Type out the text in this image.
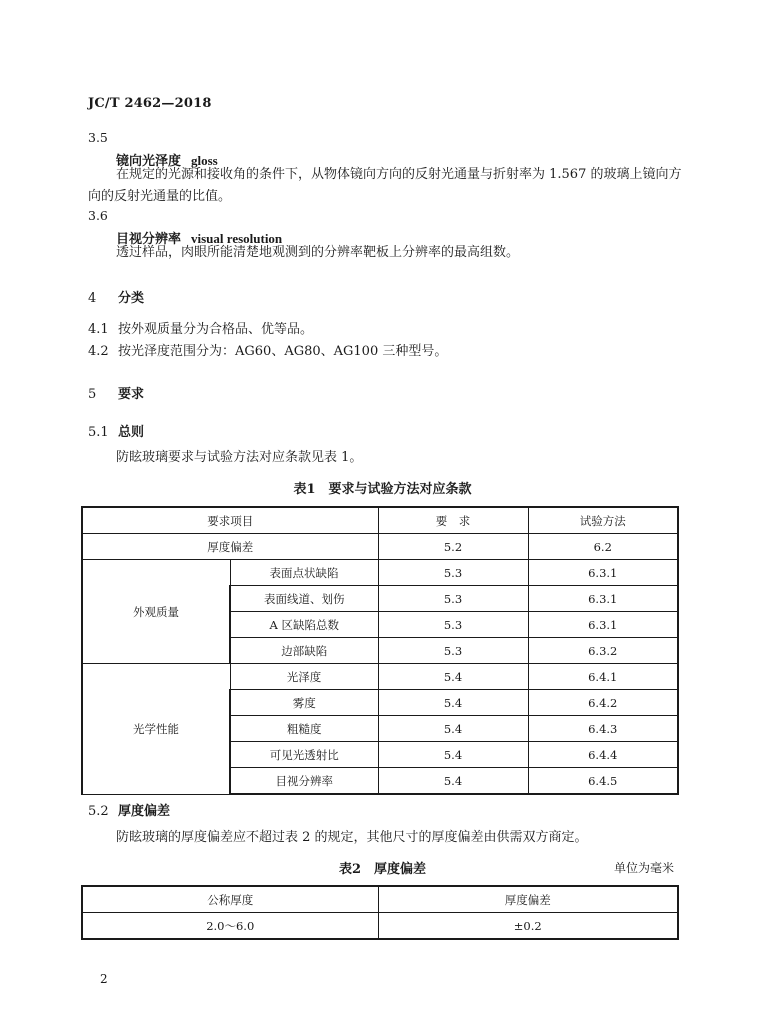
JC/T 2462—2018
3.5
镜向光泽度 gloss
在规定的光源和接收角的条件下，从物体镜向方向的反射光通量与折射率为 1.567 的玻璃上镜向方
向的反射光通量的比值。
3.6
目视分辨率 visual resolution
透过样品，肉眼所能清楚地观测到的分辨率靶板上分辨率的最高组数。
4 分类
4.1 按外观质量分为合格品、优等品。
4.2 按光泽度范围分为：AG60、AG80、AG100 三种型号。
5 要求
5.1 总则
防眩玻璃要求与试验方法对应条款见表 1。
表1　要求与试验方法对应条款
要求项目		要　求	试验方法
厚度偏差		5.2	6.2
外观质量	表面点状缺陷	5.3	6.3.1
	表面线道、划伤	5.3	6.3.1
	A 区缺陷总数	5.3	6.3.1
	边部缺陷	5.3	6.3.2
光学性能	光泽度	5.4	6.4.1
	雾度	5.4	6.4.2
	粗糙度	5.4	6.4.3
	可见光透射比	5.4	6.4.4
	目视分辨率	5.4	6.4.5
5.2 厚度偏差
防眩玻璃的厚度偏差应不超过表 2 的规定，其他尺寸的厚度偏差由供需双方商定。
表2　厚度偏差	单位为毫米
公称厚度	厚度偏差
2.0～6.0	±0.2
2
